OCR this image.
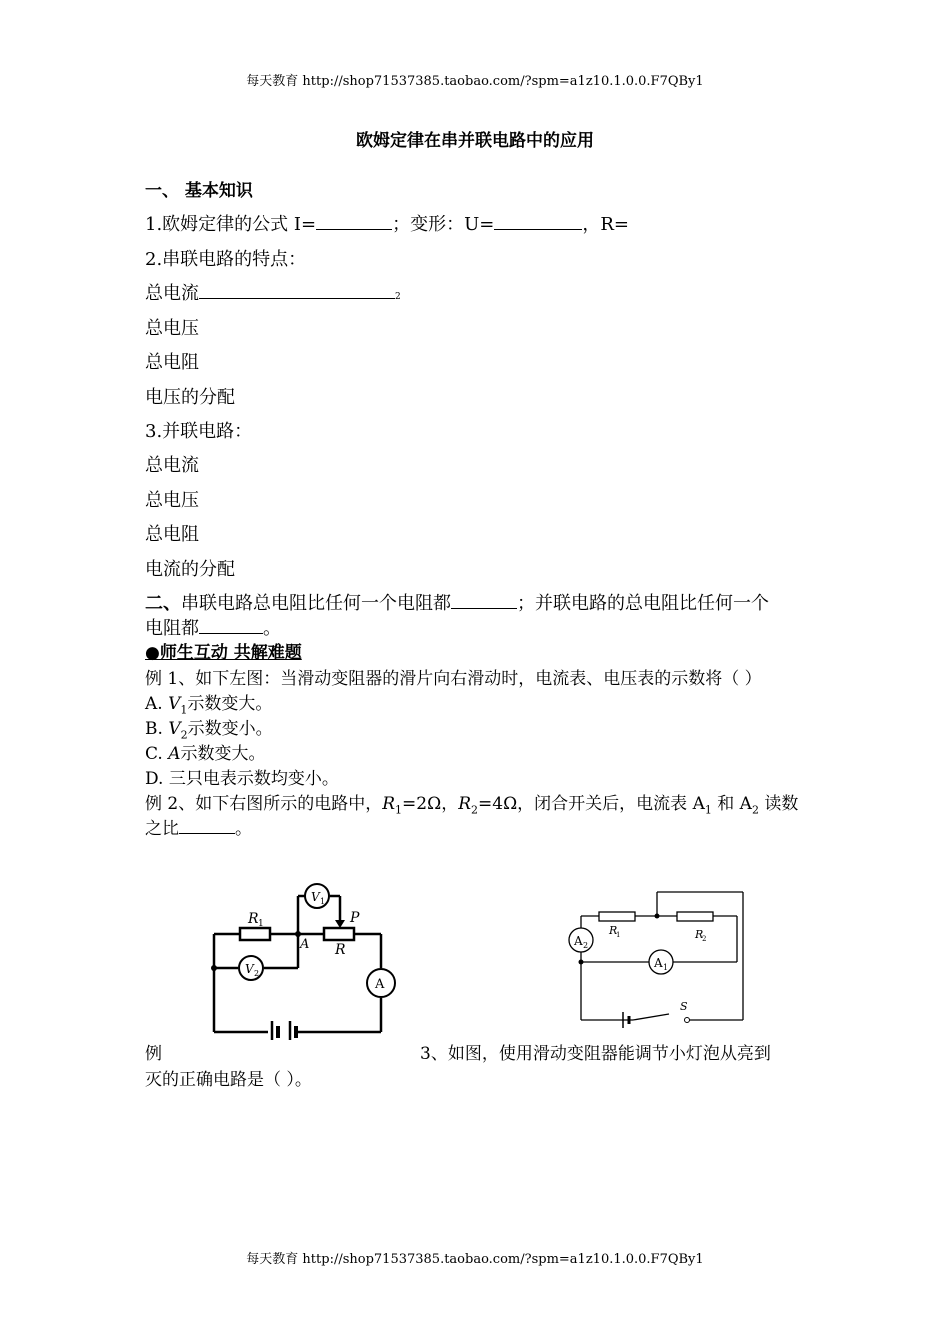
每天教育 http://shop71537385.taobao.com/?spm=a1z10.1.0.0.F7QBy1
欧姆定律在串并联电路中的应用
一、 基本知识
1.欧姆定律的公式 I=	；变形：U=	，R=
2.串联电路的特点：
总电流	2
总电压
总电阻
电压的分配
3.并联电路：
总电流
总电压
总电阻
电流的分配
二、串联电路总电阻比任何一个电阻都	；并联电路的总电阻比任何一个
电阻都	。
●师生互动 共解难题
例 1、如下左图：当滑动变阻器的滑片向右滑动时，电流表、电压表的示数将（ ）
A. $V_1$示数变大。
B. $V_2$示数变小。
C. A示数变大。
D. 三只电表示数均变小。
例 2、如下右图所示的电路中，$R_1=2\Omega$，$R_2=4\Omega$，闭合开关后，电流表 $A_1$ 和 $A_2$ 读数
之比	。
V 1
V 2
A
R 1	P
A R
A 2
A 1
R
1	R
2
S
例	3、如图，使用滑动变阻器能调节小灯泡从亮到
灭的正确电路是（ ）。
每天教育 http://shop71537385.taobao.com/?spm=a1z10.1.0.0.F7QBy1
